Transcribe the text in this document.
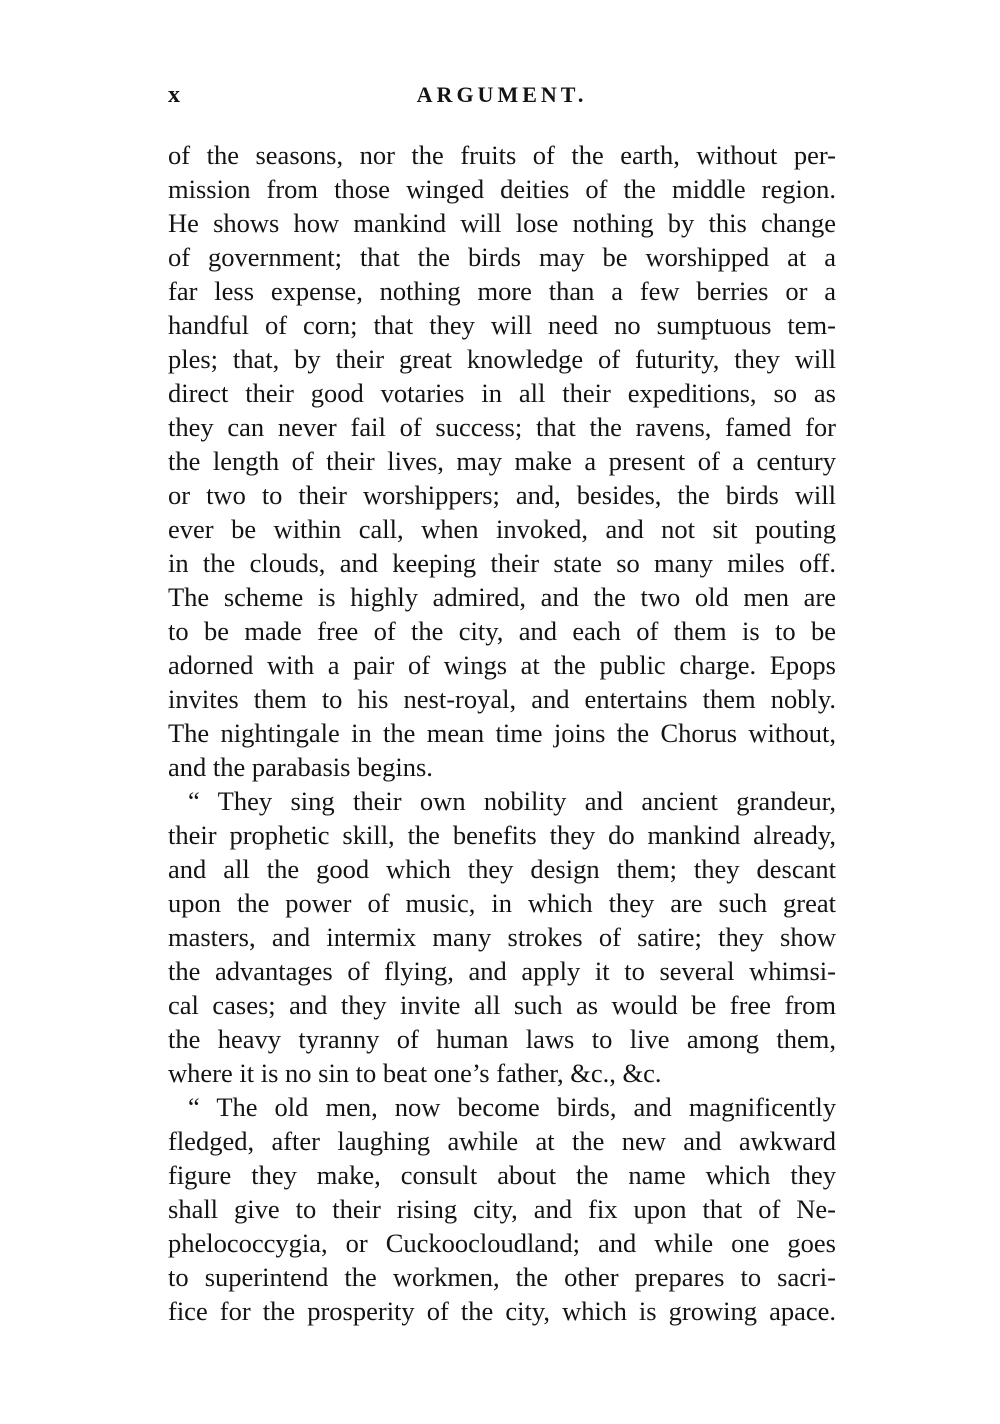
x	ARGUMENT.

of the seasons, nor the fruits of the earth, without per-
mission from those winged deities of the middle region.
He shows how mankind will lose nothing by this change
of government; that the birds may be worshipped at a
far less expense, nothing more than a few berries or a
handful of corn; that they will need no sumptuous tem-
ples; that, by their great knowledge of futurity, they will
direct their good votaries in all their expeditions, so as
they can never fail of success; that the ravens, famed for
the length of their lives, may make a present of a century
or two to their worshippers; and, besides, the birds will
ever be within call, when invoked, and not sit pouting
in the clouds, and keeping their state so many miles off.
The scheme is highly admired, and the two old men are
to be made free of the city, and each of them is to be
adorned with a pair of wings at the public charge. Epops
invites them to his nest-royal, and entertains them nobly.
The nightingale in the mean time joins the Chorus without,
and the parabasis begins.

“ They sing their own nobility and ancient grandeur,
their prophetic skill, the benefits they do mankind already,
and all the good which they design them; they descant
upon the power of music, in which they are such great
masters, and intermix many strokes of satire; they show
the advantages of flying, and apply it to several whimsi-
cal cases; and they invite all such as would be free from
the heavy tyranny of human laws to live among them,
where it is no sin to beat one’s father, &c., &c.

“ The old men, now become birds, and magnificently
fledged, after laughing awhile at the new and awkward
figure they make, consult about the name which they
shall give to their rising city, and fix upon that of Ne-
phelococcygia, or Cuckoocloudland; and while one goes
to superintend the workmen, the other prepares to sacri-
fice for the prosperity of the city, which is growing apace.
